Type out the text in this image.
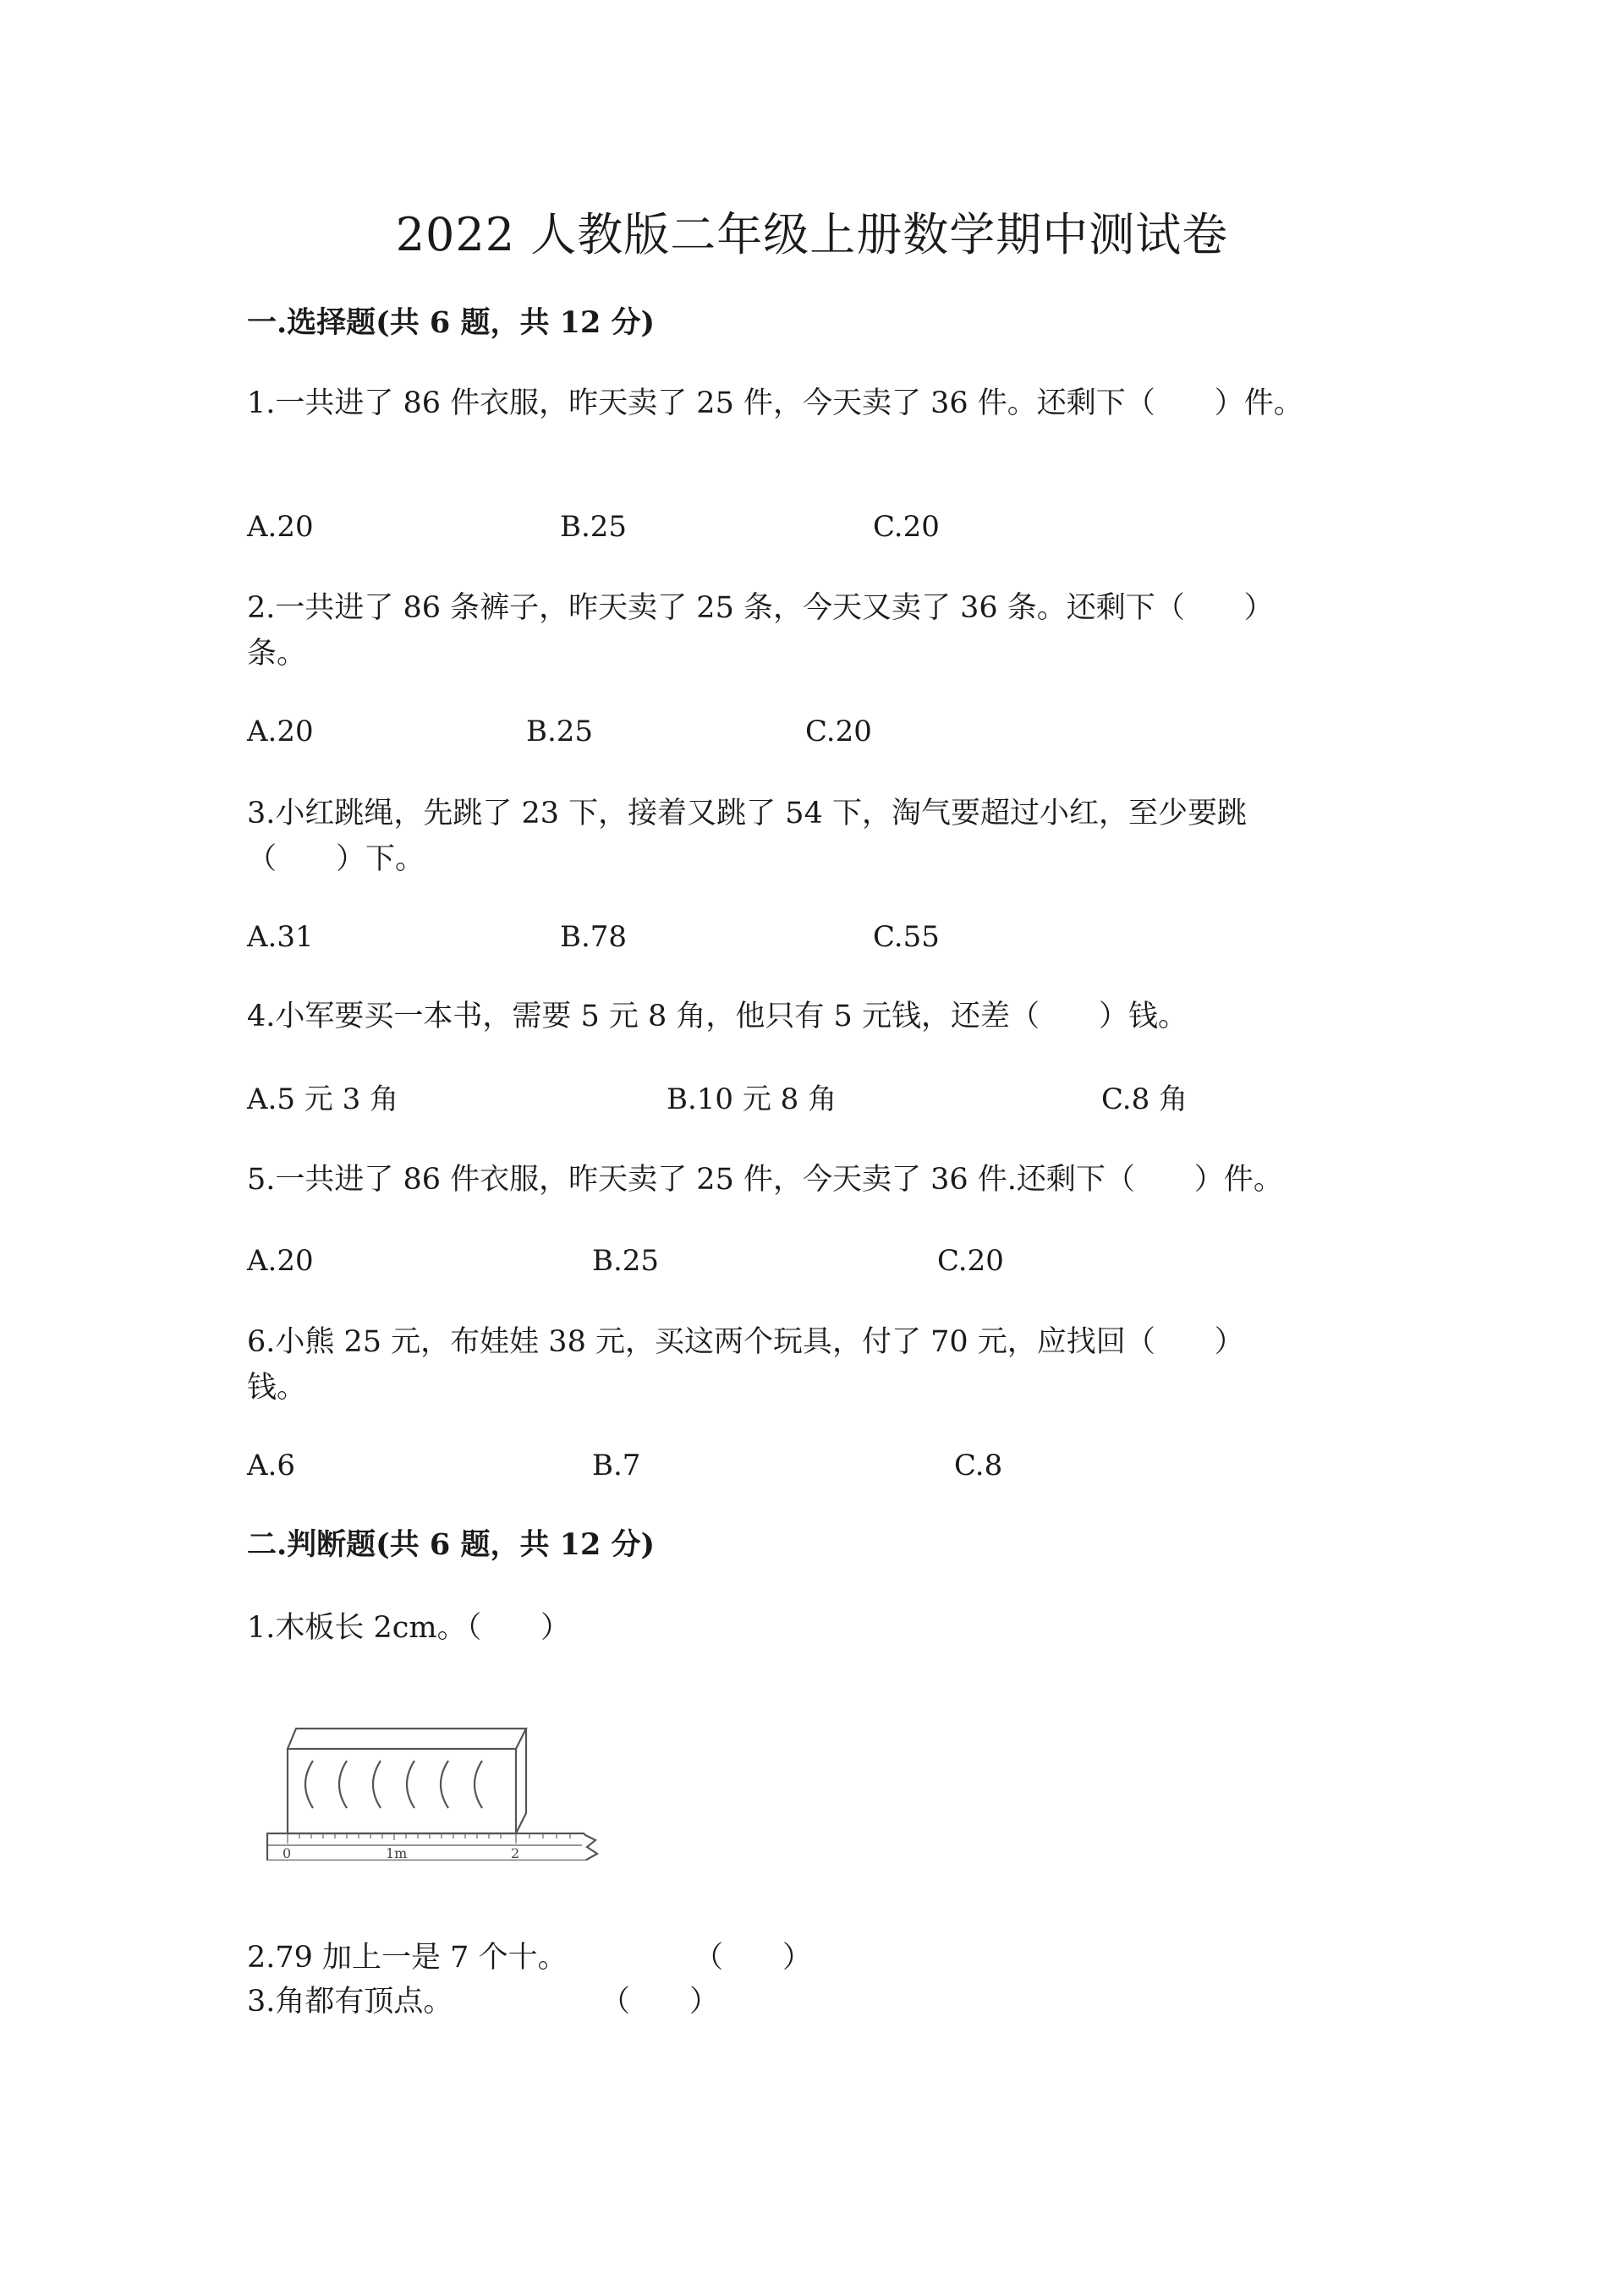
2022 人教版二年级上册数学期中测试卷
一.选择题(共 6 题，共 12 分)
1.一共进了 86 件衣服，昨天卖了 25 件，今天卖了 36 件。还剩下（　　）件。
A.20	B.25	C.20
2.一共进了 86 条裤子，昨天卖了 25 条，今天又卖了 36 条。还剩下（　　）
条。
A.20	B.25	C.20
3.小红跳绳，先跳了 23 下，接着又跳了 54 下，淘气要超过小红，至少要跳
（　　）下。
A.31	B.78	C.55
4.小军要买一本书，需要 5 元 8 角，他只有 5 元钱，还差（　　）钱。
A.5 元 3 角	B.10 元 8 角	C.8 角
5.一共进了 86 件衣服，昨天卖了 25 件，今天卖了 36 件.还剩下（　　）件。
A.20	B.25	C.20
6.小熊 25 元，布娃娃 38 元，买这两个玩具，付了 70 元，应找回（　　）
钱。
A.6	B.7	C.8
二.判断题(共 6 题，共 12 分)
1.木板长 2cm。（　　）
0	1m	2
2.79 加上一是 7 个十。	（　　）
3.角都有顶点。	（　　）
